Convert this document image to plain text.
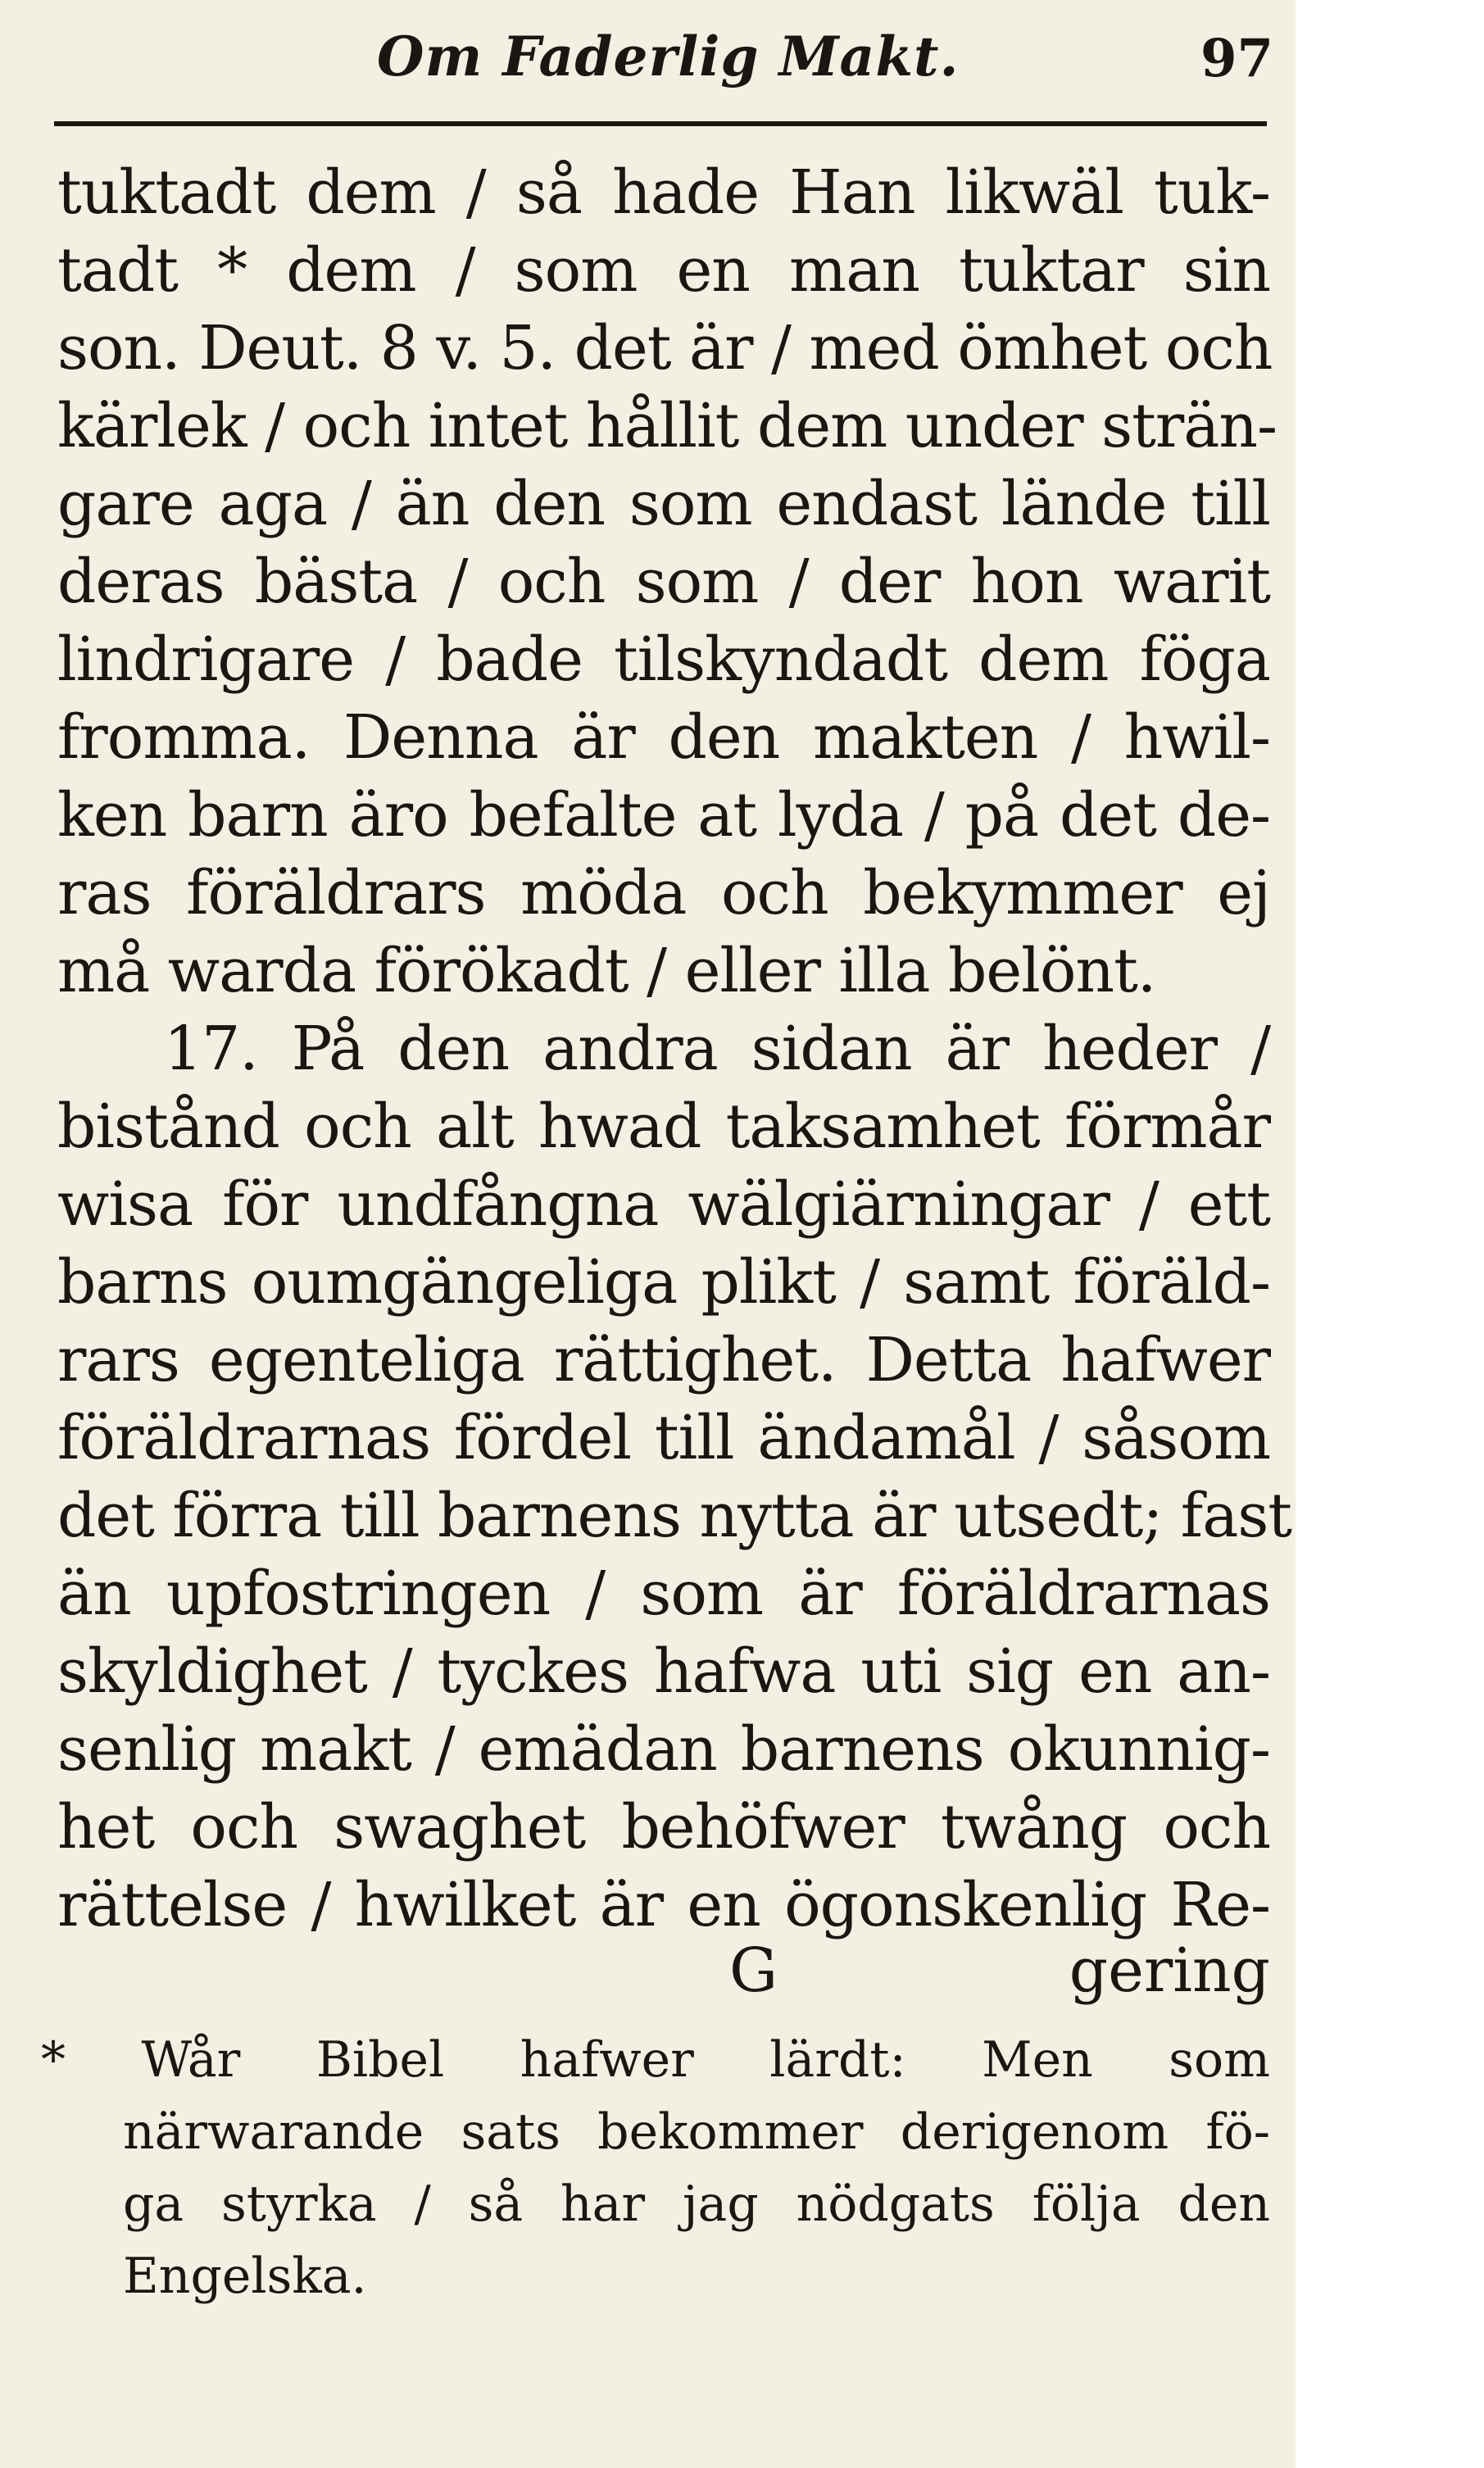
Om Faderlig Makt.	97
tuktadt dem / så hade Han likwäl tuk-
tadt * dem / som en man tuktar sin
son. Deut. 8 v. 5. det är / med ömhet och
kärlek / och intet hållit dem under strän-
gare aga / än den som endast lände till
deras bästa / och som / der hon warit
lindrigare / bade tilskyndadt dem föga
fromma. Denna är den makten / hwil-
ken barn äro befalte at lyda / på det de-
ras föräldrars möda och bekymmer ej
må warda förökadt / eller illa belönt.
17. På den andra sidan är heder /
bistånd och alt hwad taksamhet förmår
wisa för undfångna wälgiärningar / ett
barns oumgängeliga plikt / samt föräld-
rars egenteliga rättighet. Detta hafwer
föräldrarnas fördel till ändamål / såsom
det förra till barnens nytta är utsedt; fast
än upfostringen / som är föräldrarnas
skyldighet / tyckes hafwa uti sig en an-
senlig makt / emädan barnens okunnig-
het och swaghet behöfwer twång och
rättelse / hwilket är en ögonskenlig Re-
G	gering
* Wår Bibel hafwer lärdt: Men som
närwarande sats bekommer derigenom fö-
ga styrka / så har jag nödgats följa den
Engelska.
